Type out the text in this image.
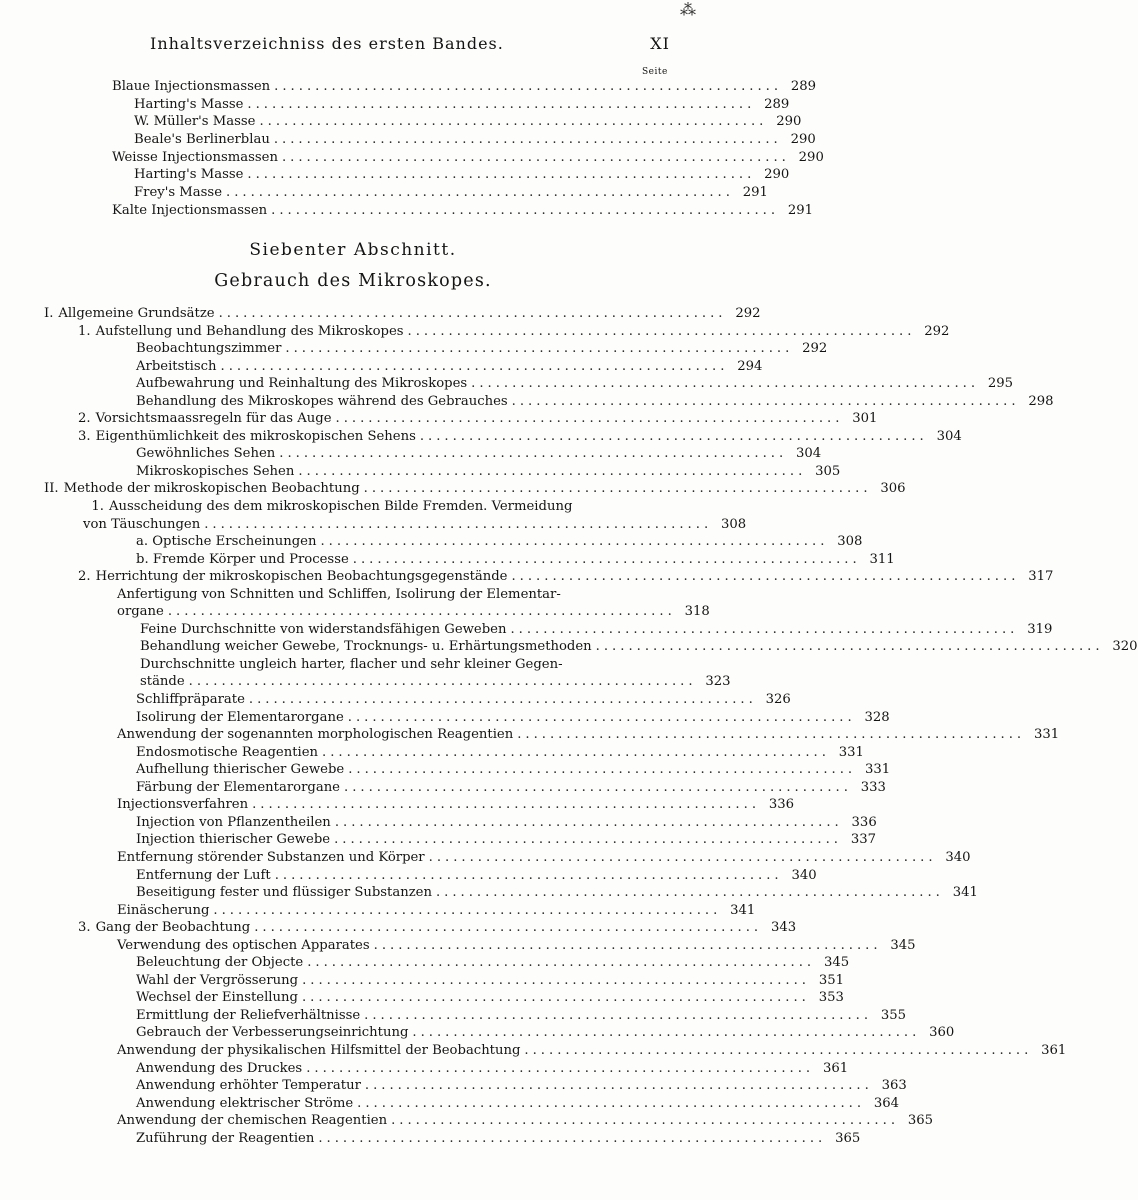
Inhaltsverzeichniss des ersten Bandes.	XI
⁂
Seite
Blaue Injectionsmassen .............................................................. 289
Harting's Masse .............................................................. 289
W. Müller's Masse .............................................................. 290
Beale's Berlinerblau .............................................................. 290
Weisse Injectionsmassen .............................................................. 290
Harting's Masse .............................................................. 290
Frey's Masse .............................................................. 291
Kalte Injectionsmassen .............................................................. 291
Siebenter Abschnitt.
Gebrauch des Mikroskopes.
I. Allgemeine Grundsätze .............................................................. 292
1. Aufstellung und Behandlung des Mikroskopes .............................................................. 292
Beobachtungszimmer .............................................................. 292
Arbeitstisch .............................................................. 294
Aufbewahrung und Reinhaltung des Mikroskopes .............................................................. 295
Behandlung des Mikroskopes während des Gebrauches .............................................................. 298
2. Vorsichtsmaassregeln für das Auge .............................................................. 301
3. Eigenthümlichkeit des mikroskopischen Sehens .............................................................. 304
Gewöhnliches Sehen .............................................................. 304
Mikroskopisches Sehen .............................................................. 305
II. Methode der mikroskopischen Beobachtung .............................................................. 306
1. Ausscheidung des dem mikroskopischen Bilde Fremden. Vermeidung
von Täuschungen .............................................................. 308
a. Optische Erscheinungen .............................................................. 308
b. Fremde Körper und Processe .............................................................. 311
2. Herrichtung der mikroskopischen Beobachtungsgegenstände .............................................................. 317
Anfertigung von Schnitten und Schliffen, Isolirung der Elementar-
organe .............................................................. 318
Feine Durchschnitte von widerstandsfähigen Geweben .............................................................. 319
Behandlung weicher Gewebe, Trocknungs- u. Erhärtungsmethoden .............................................................. 320
Durchschnitte ungleich harter, flacher und sehr kleiner Gegen-
stände .............................................................. 323
Schliffpräparate .............................................................. 326
Isolirung der Elementarorgane .............................................................. 328
Anwendung der sogenannten morphologischen Reagentien .............................................................. 331
Endosmotische Reagentien .............................................................. 331
Aufhellung thierischer Gewebe .............................................................. 331
Färbung der Elementarorgane .............................................................. 333
Injectionsverfahren .............................................................. 336
Injection von Pflanzentheilen .............................................................. 336
Injection thierischer Gewebe .............................................................. 337
Entfernung störender Substanzen und Körper .............................................................. 340
Entfernung der Luft .............................................................. 340
Beseitigung fester und flüssiger Substanzen .............................................................. 341
Einäscherung .............................................................. 341
3. Gang der Beobachtung .............................................................. 343
Verwendung des optischen Apparates .............................................................. 345
Beleuchtung der Objecte .............................................................. 345
Wahl der Vergrösserung .............................................................. 351
Wechsel der Einstellung .............................................................. 353
Ermittlung der Reliefverhältnisse .............................................................. 355
Gebrauch der Verbesserungseinrichtung .............................................................. 360
Anwendung der physikalischen Hilfsmittel der Beobachtung .............................................................. 361
Anwendung des Druckes .............................................................. 361
Anwendung erhöhter Temperatur .............................................................. 363
Anwendung elektrischer Ströme .............................................................. 364
Anwendung der chemischen Reagentien .............................................................. 365
Zuführung der Reagentien .............................................................. 365
